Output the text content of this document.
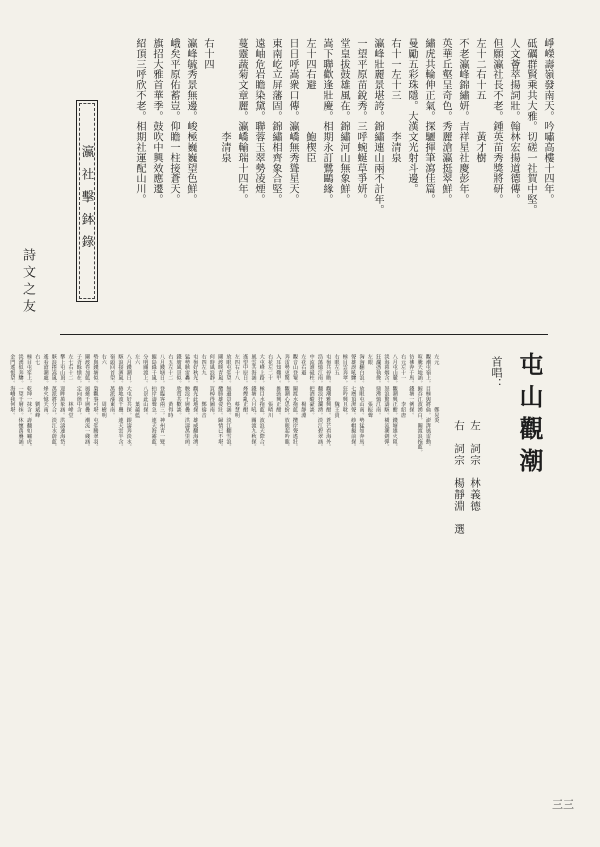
詩文之友
瀛社擊鉢錄	崢嶸壽嶺發南天。吟嘯高樓十四年。
砥礪群賢乘共大雅。切磋一社賀中堅。
人文薈萃揚詞壯。翰林宏揚道德傳。
但願瀛社長不老。鍾英苗秀獎將研。
左十二右十五　　　黃才樹
不老瀛峰錦繡妍。吉祥星社慶彭年。
英華丘壑呈奇色。秀麗滄瀛挺翠鮮。
繡虎共輪伸正氣。探驪揮筆瀉佳篇。
曼勵五彩珠隱。大漢文光射斗邊。
右十一左十三　　　李清泉
瀛峰壯麗景堪誇。錦繡連山兩不計年。
一望平原苗銳秀。三呼蜿蜒草爭妍。
堂皇拔鼓雄風在。錦繡河山無象鮮。
嵩下聯歡逢壯慶。相期永訂鷺鷗緣。
左十四右避　　　　鮑楔臣
日日呼嵩衆口傳。瀛嶠無秀聳星天。
東南屹立屏藩固。錦繡相齊象合堅。
遠岫危岩瞻染黛。聯蓉玉翠勢凌煙。
蔓靈蔬菊文章麗。瀛嶠輸瑞十四年。
　　　　　　　　　李清泉
右十四
瀛峰毓秀景無邊。峻極巍巍望色鮮。
峨矣平原佑蓄豈。仰瞻一柱接蒼天。
旗招大雅首華季。鼓吹中興效應遷。
紹頂三呼欣不老。相期社運配山川。
屯山觀潮
首唱：
左　詞宗　林義德
右　詞宗　楊靜淵　選
左元　　　　　　　　鄭晃炎
觀潮屯嶺上。目極與將倫。澎湃風雷動。
喧騰天地涵。鯨吞江波湧白。關渡浪拖藍。
彷彿奔千馬。錢塘一例探。
右元左十一　　　　李紹唐
八月屯山麓。觀潮興正酣。錢塘雄火阻。
淡海暮烟含。怒浪驚濤駭。橫流潮劍彈。
狂瀾憑執挽。鼎沸憶江南。
左眼　　　　　　　張振聲
洶洶翻白浪。放眼屯山南。勢猛如奔馬。
聲雄訝吼驂。七層頂湃聲。紗帽擬前探。
極目雲奔翠。狂吟興且耽。
右眼左五　　　　　魏王貴
屯嶺共停瞻。觀潮雅興酣。蒼芒看海外。
浩蕩憶江南。翻浪狂瀾湧。淡江碧翠涵。
中流誰砥柱。把酒縱豪談。
左花右避　　　　　楊靜淵
觀音山登罨。關渡水拖藍。攬岸聲遙壯。
奔雷勢更驚。觀潮心思紛。放眼起吟龍。
入耳知難甲。推鼓興正酣。
右花左二十　　　　張晴川
大屯峰上路。極目水拖藍。波浪天際合。
風雲共海涵。錢塘八月吼。關渡九秋探。
遙望中原日。烽煙亂正酣。
左四右十八　　　　蔡慧明
放眼屯峯望。無邊景色涵。淡江翻雪浪。
關渡映青嵐。攬勝雄姿壯。歸情已不堪。
何時風浪靜。買棹得圖南。
右四左九　　　　　鄭禱音
屯嶺好秋光。觀光此地探。雄威翻海湧。
猛勢駭雷轟。駿浪千層疊。洪濤萬里函。
錢塘風景似。欣賞共歡談。
右五左十二　　　　黃得時
八月錢塘日。登臨客兩三。神州青一髮。
鯤島綠千嵐。拍岸濤聲急。連天海霧藍。
分明關渡上。八景此山探。
左六　　　　　　　葉蘊藍
八月錢潮日。大屯好共探。銀濤奔淡水。
駭浪接濱嵐。捲地波千疊。連天雲半含。
嶺頭回首望。萬派漲東南。
右六　　　　　　　周樹明
勢與錢塘似。梟觀事可堪。屯峯騰翠羽。
關渡卷加藍。風捲千層疊。潮流一綫涵。
子胥餘憤在。定向箇中含。
左七右十二　　　　林峰堂
攀上屯山頂。迎眸萬象涵。洪濤連海岱。
駭浪捲嵩嵐。萬派將分合。淡江水蔚藍。
遙看滄潮處。烽火憶天南。
右七　　　　　　　劉斌峰
極目屯峯上。乾坤一抹含。壽翻如嘯虎。
淡湧似奔驂。一望千層抹。休懷萬疊涵。
金門遙悵望。海嶠我何堪。
三三
